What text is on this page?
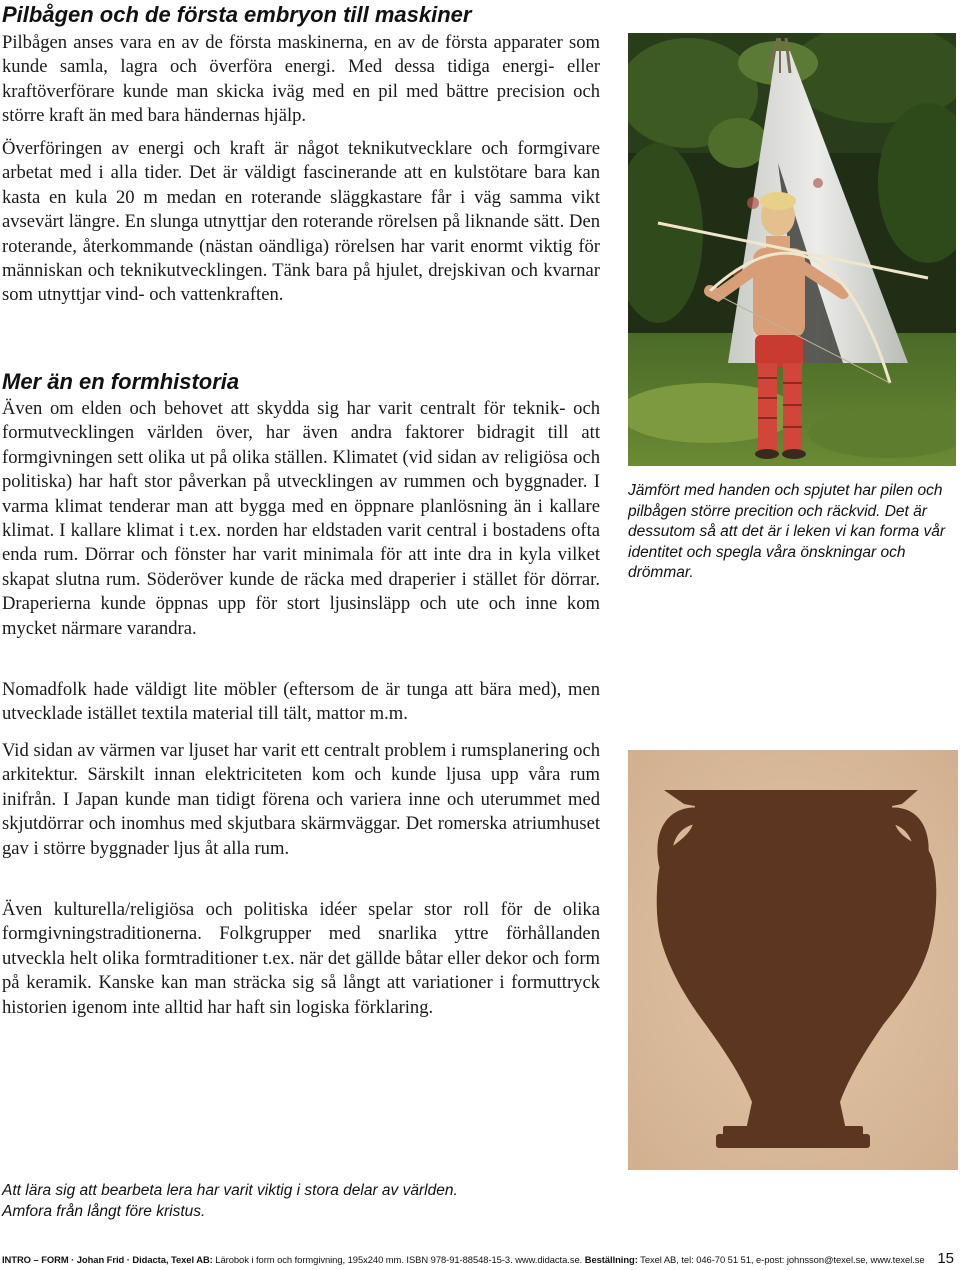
Pilbågen och de första embryon till maskiner

Pilbågen anses vara en av de första maskinerna, en av de första apparater som kunde samla, lagra och överföra energi. Med dessa tidiga energi- eller kraftöverförare kunde man skicka iväg med en pil med bättre precision och större kraft än med bara händernas hjälp.

Överföringen av energi och kraft är något teknikutvecklare och formgivare arbetat med i alla tider. Det är väldigt fascinerande att en kulstötare bara kan kasta en kula 20 m medan en roterande släggkastare får i väg samma vikt avsevärt längre. En slunga utnyttjar den roterande rörelsen på liknande sätt. Den roterande, återkommande (nästan oändliga) rörelsen har varit enormt viktig för människan och teknikutvecklingen. Tänk bara på hjulet, drejskivan och kvarnar som utnyttjar vind- och vattenkraften.

Mer än en formhistoria

Även om elden och behovet att skydda sig har varit centralt för teknik- och formutvecklingen världen över, har även andra faktorer bidragit till att formgivningen sett olika ut på olika ställen. Klimatet (vid sidan av religiösa och politiska) har haft stor påverkan på utvecklingen av rummen och byggnader. I varma klimat tenderar man att bygga med en öppnare planlösning än i kallare klimat. I kallare klimat i t.ex. norden har eldstaden varit central i bostadens ofta enda rum. Dörrar och fönster har varit minimala för att inte dra in kyla vilket skapat slutna rum. Söderöver kunde de räcka med draperier i stället för dörrar. Draperierna kunde öppnas upp för stort ljusinsläpp och ute och inne kom mycket närmare varandra.

Nomadfolk hade väldigt lite möbler (eftersom de är tunga att bära med), men utvecklade istället textila material till tält, mattor m.m.

Vid sidan av värmen var ljuset har varit ett centralt problem i rumsplanering och arkitektur. Särskilt innan elektriciteten kom och kunde ljusa upp våra rum inifrån. I Japan kunde man tidigt förena och variera inne och uterummet med skjutdörrar och inomhus med skjutbara skärmväggar. Det romerska atriumhuset gav i större byggnader ljus åt alla rum.

Även kulturella/religiösa och politiska idéer spelar stor roll för de olika formgivningstraditionerna. Folkgrupper med snarlika yttre förhållanden utveckla helt olika formtraditioner t.ex. när det gällde båtar eller dekor och form på keramik. Kanske kan man sträcka sig så långt att variationer i formuttryck historien igenom inte alltid har haft sin logiska förklaring.

Jämfört med handen och spjutet har pilen och pilbågen större precition och räckvid. Det är dessutom så att det är i leken vi kan forma vår identitet och spegla våra önskningar och drömmar.

Att lära sig att bearbeta lera har varit viktig i stora delar av världen.

Amfora från långt före kristus.

INTRO – FORM · Johan Frid · Didacta, Texel AB: Lärobok i form och formgivning, 195x240 mm. ISBN 978-91-88548-15-3. www.didacta.se. Beställning: Texel AB, tel: 046-70 51 51, e-post: johnsson@texel.se, www.texel.se 15
